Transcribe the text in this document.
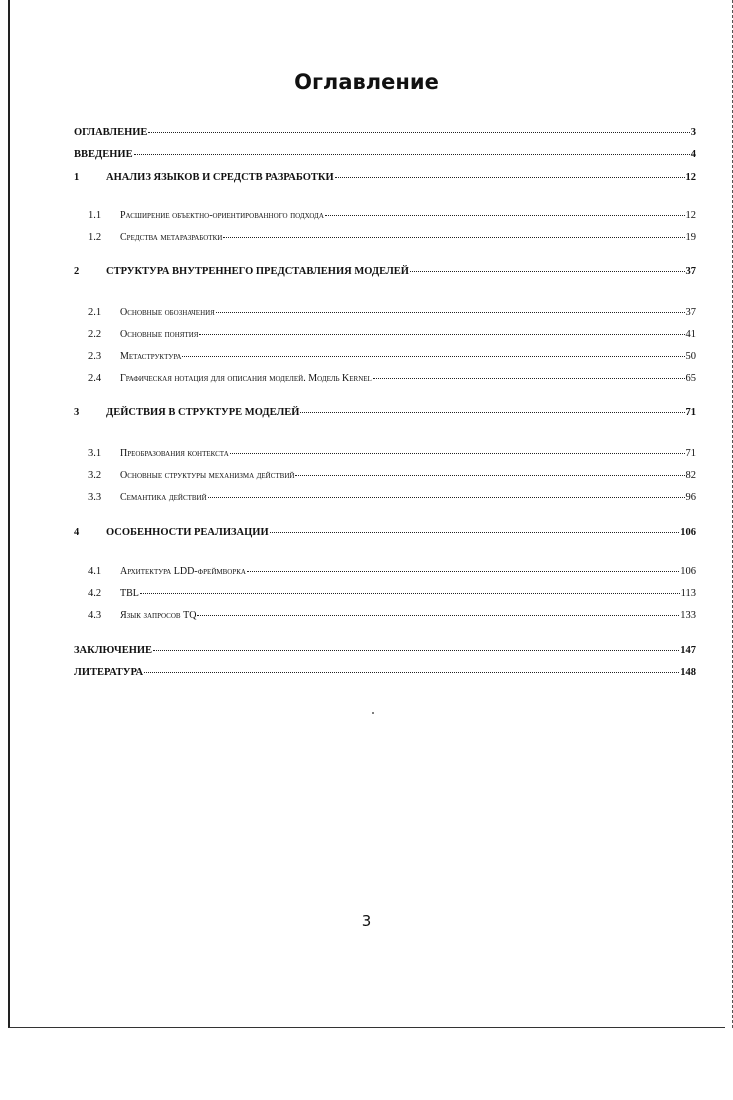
Оглавление
ОГЛАВЛЕНИЕ	3
ВВЕДЕНИЕ	4
1	АНАЛИЗ ЯЗЫКОВ И СРЕДСТВ РАЗРАБОТКИ	12
1.1	Расширение объектно-ориентированного подхода	12
1.2	Средства метаразработки	19
2	СТРУКТУРА ВНУТРЕННЕГО ПРЕДСТАВЛЕНИЯ МОДЕЛЕЙ	37
2.1	Основные обозначения	37
2.2	Основные понятия	41
2.3	Метаструктура	50
2.4	Графическая нотация для описания моделей. Модель Kernel	65
3	ДЕЙСТВИЯ В СТРУКТУРЕ МОДЕЛЕЙ	71
3.1	Преобразования контекста	71
3.2	Основные структуры механизма действий	82
3.3	Семантика действий	96
4	ОСОБЕННОСТИ РЕАЛИЗАЦИИ	106
4.1	Архитектура LDD-фреймворка	106
4.2	TBL	113
4.3	Язык запросов TQ	133
ЗАКЛЮЧЕНИЕ	147
ЛИТЕРАТУРА	148
3
